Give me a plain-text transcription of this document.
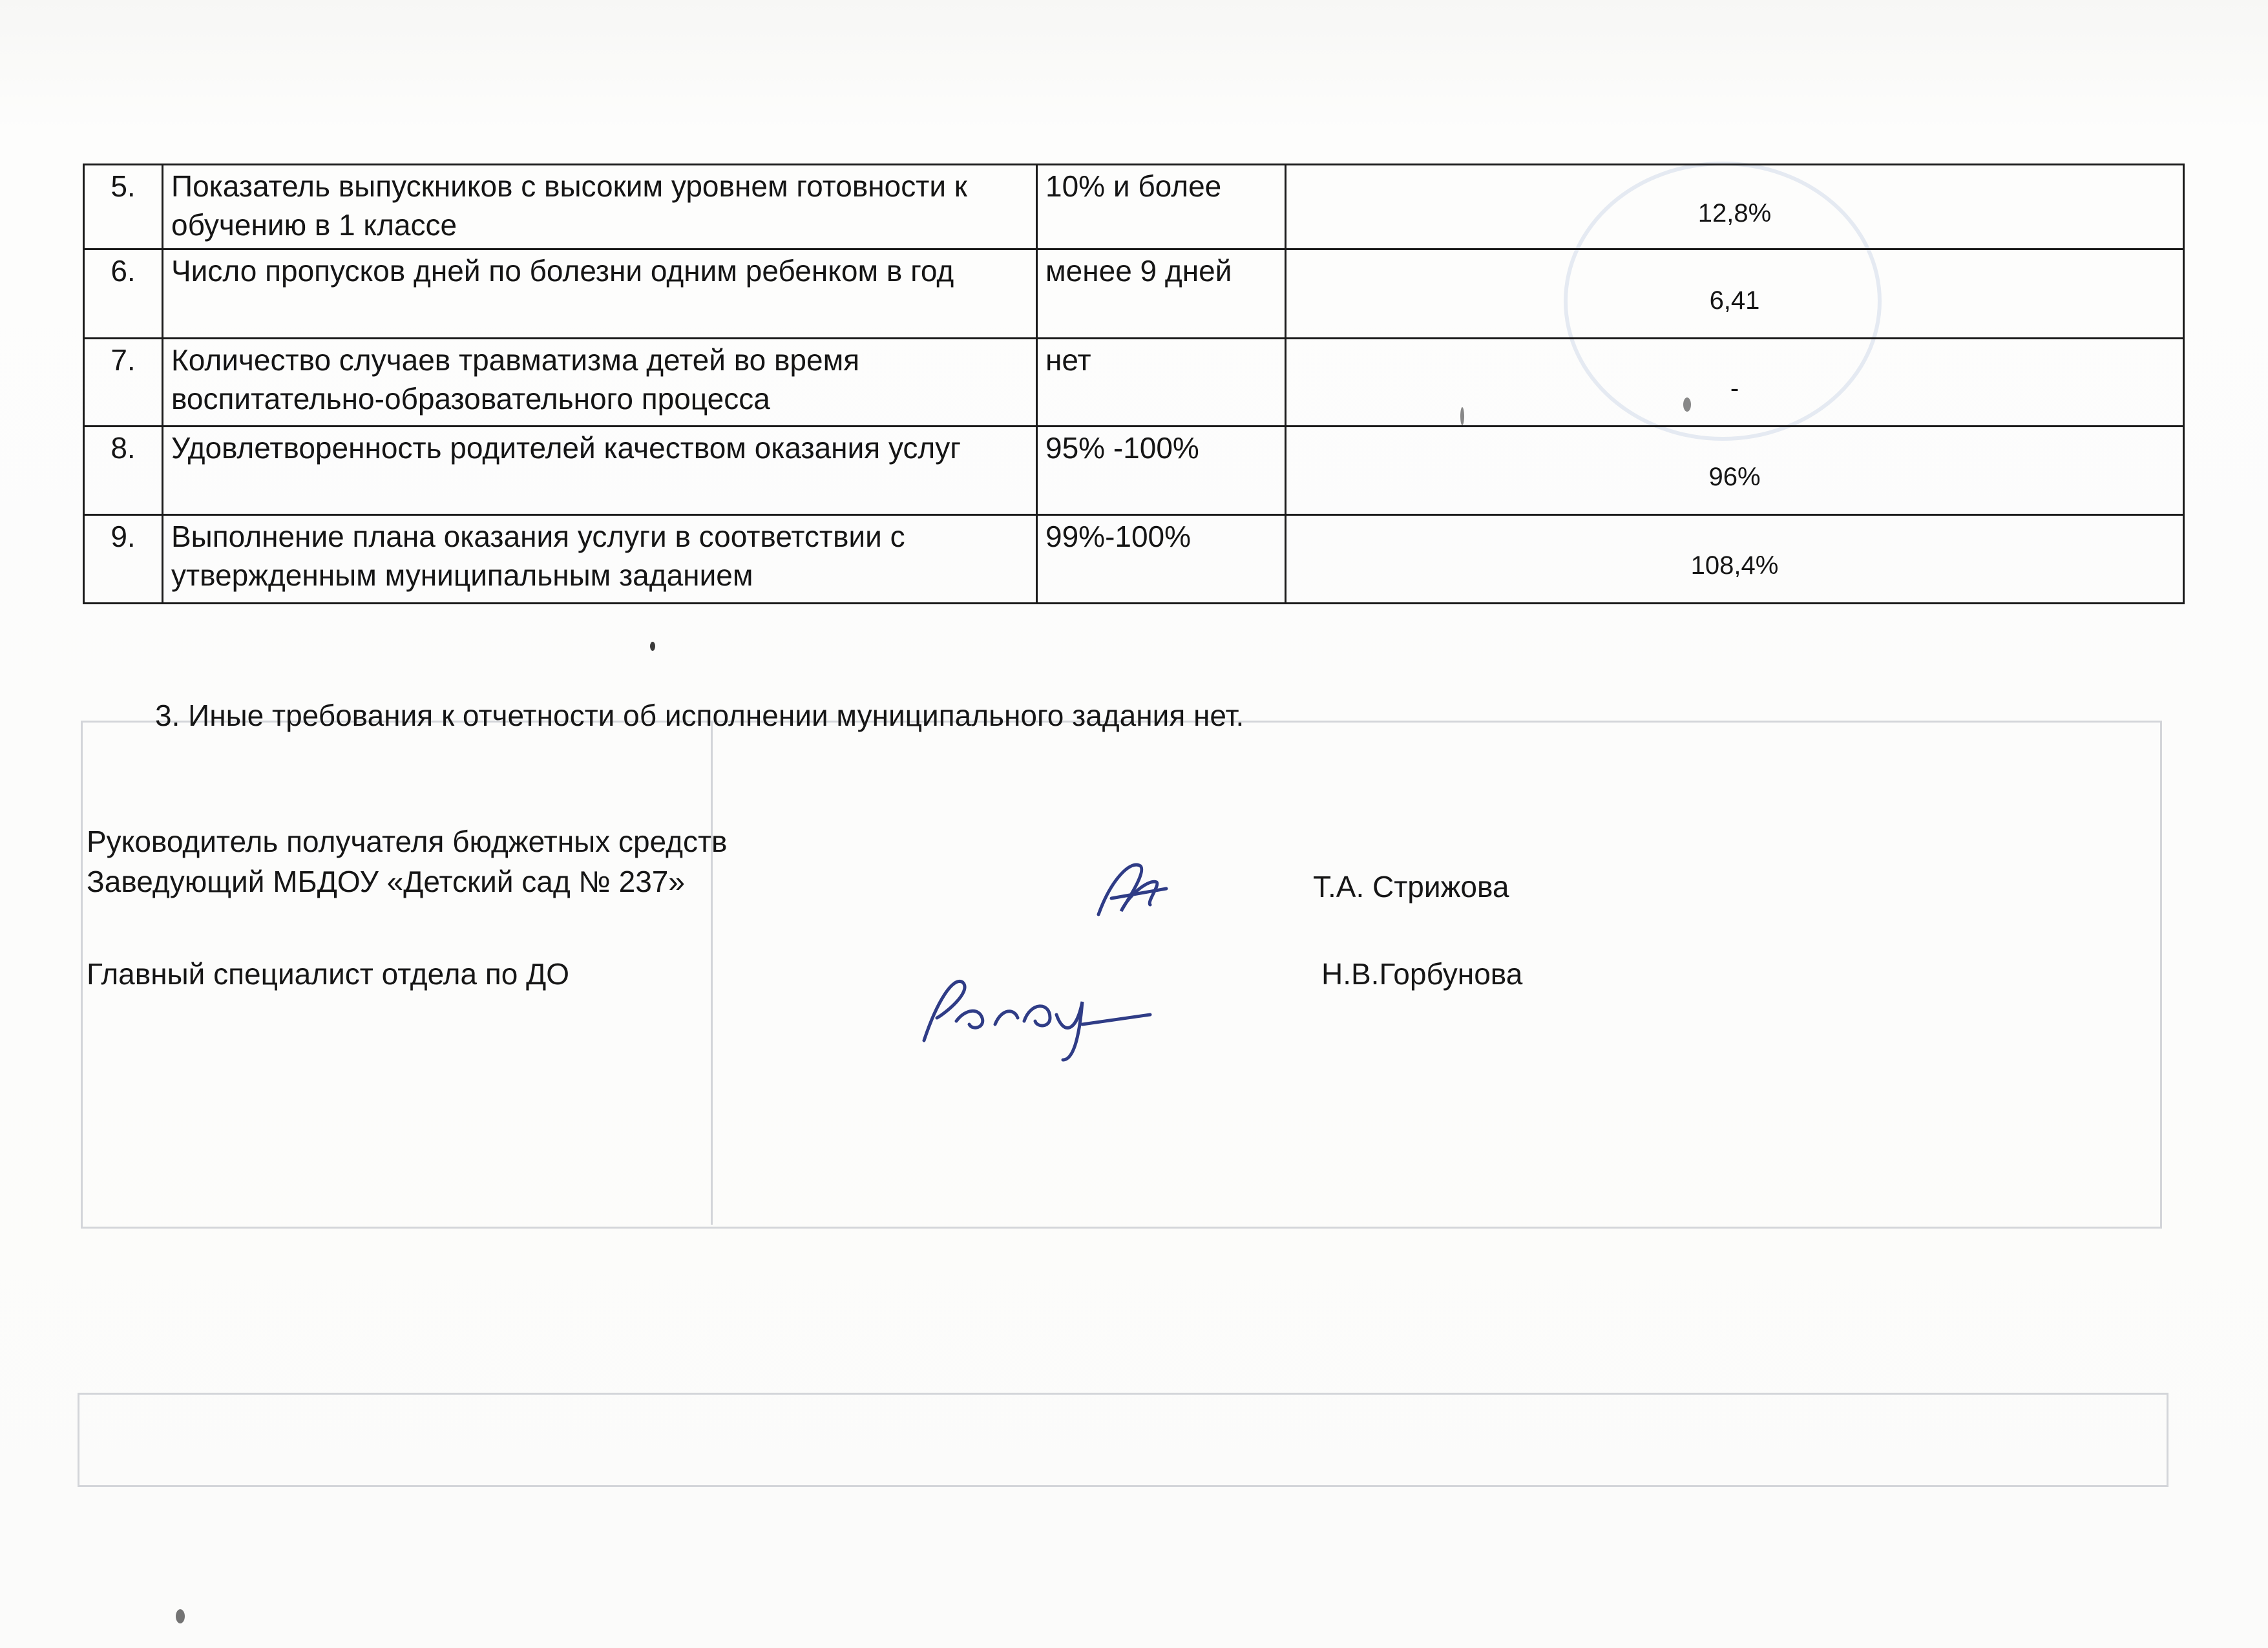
5.	Показатель выпускников с высоким уровнем готовности к обучению в 1 классе	10% и более	12,8%
6.	Число пропусков дней по болезни одним ребенком в год	менее 9 дней	6,41
7.	Количество случаев травматизма детей во время воспитательно-образовательного процесса	нет	-
8.	Удовлетворенность родителей качеством оказания услуг	95% -100%	96%
9.	Выполнение плана оказания услуги в соответствии с утвержденным муниципальным заданием	99%-100%	108,4%
3. Иные требования к отчетности об исполнении муниципального задания нет.
Руководитель получателя бюджетных средств
Заведующий МБДОУ «Детский сад № 237»	Т.А. Стрижова
Главный специалист отдела по ДО	Н.В.Горбунова
